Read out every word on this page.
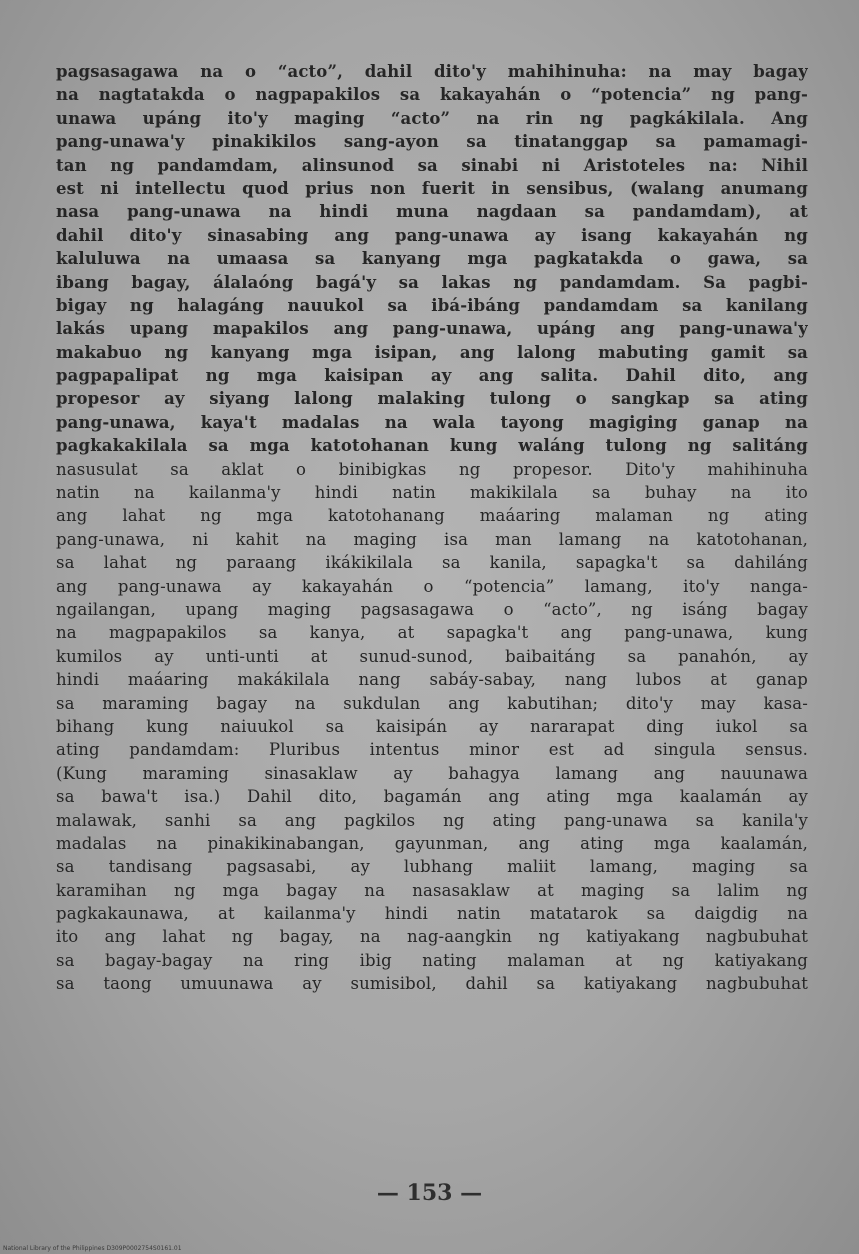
pagsasagawa na o “acto”, dahil dito'y mahihinuha: na may bagay
na nagtatakda o nagpapakilos sa kakayahán o “potencia” ng pang-
unawa upáng ito'y maging “acto” na rin ng pagkákilala. Ang
pang-unawa'y pinakikilos sang-ayon sa tinatanggap sa pamamagi-
tan ng pandamdam, alinsunod sa sinabi ni Aristoteles na: Nihil
est ni intellectu quod prius non fuerit in sensibus, (walang anumang
nasa pang-unawa na hindi muna nagdaan sa pandamdam), at
dahil dito'y sinasabing ang pang-unawa ay isang kakayahán ng
kaluluwa na umaasa sa kanyang mga pagkatakda o gawa, sa
ibang bagay, álalaóng bagá'y sa lakas ng pandamdam. Sa pagbi-
bigay ng halagáng nauukol sa ibá-ibáng pandamdam sa kanilang
lakás upang mapakilos ang pang-unawa, upáng ang pang-unawa'y
makabuo ng kanyang mga isipan, ang lalong mabuting gamit sa
pagpapalipat ng mga kaisipan ay ang salita. Dahil dito, ang
propesor ay siyang lalong malaking tulong o sangkap sa ating
pang-unawa, kaya't madalas na wala tayong magiging ganap na
pagkakakilala sa mga katotohanan kung waláng tulong ng salitáng
nasusulat sa aklat o binibigkas ng propesor. Dito'y mahihinuha
natin na kailanma'y hindi natin makikilala sa buhay na ito
ang lahat ng mga katotohanang maáaring malaman ng ating
pang-unawa, ni kahit na maging isa man lamang na katotohanan,
sa lahat ng paraang ikákikilala sa kanila, sapagka't sa dahiláng
ang pang-unawa ay kakayahán o “potencia” lamang, ito'y nanga-
ngailangan, upang maging pagsasagawa o “acto”, ng isáng bagay
na magpapakilos sa kanya, at sapagka't ang pang-unawa, kung
kumilos ay unti-unti at sunud-sunod, baibaitáng sa panahón, ay
hindi maáaring makákilala nang sabáy-sabay, nang lubos at ganap
sa maraming bagay na sukdulan ang kabutihan; dito'y may kasa-
bihang kung naiuukol sa kaisipán ay nararapat ding iukol sa
ating pandamdam: Pluribus intentus minor est ad singula sensus.
(Kung maraming sinasaklaw ay bahagya lamang ang nauunawa
sa bawa't isa.) Dahil dito, bagamán ang ating mga kaalamán ay
malawak, sanhi sa ang pagkilos ng ating pang-unawa sa kanila'y
madalas na pinakikinabangan, gayunman, ang ating mga kaalamán,
sa tandisang pagsasabi, ay lubhang maliit lamang, maging sa
karamihan ng mga bagay na nasasaklaw at maging sa lalim ng
pagkakaunawa, at kailanma'y hindi natin matatarok sa daigdig na
ito ang lahat ng bagay, na nag-aangkin ng katiyakang nagbubuhat
sa bagay-bagay na ring ibig nating malaman at ng katiyakang
sa taong umuunawa ay sumisibol, dahil sa katiyakang nagbubuhat
— 153 —
National Library of the Philippines D309P0002754S0161.01
